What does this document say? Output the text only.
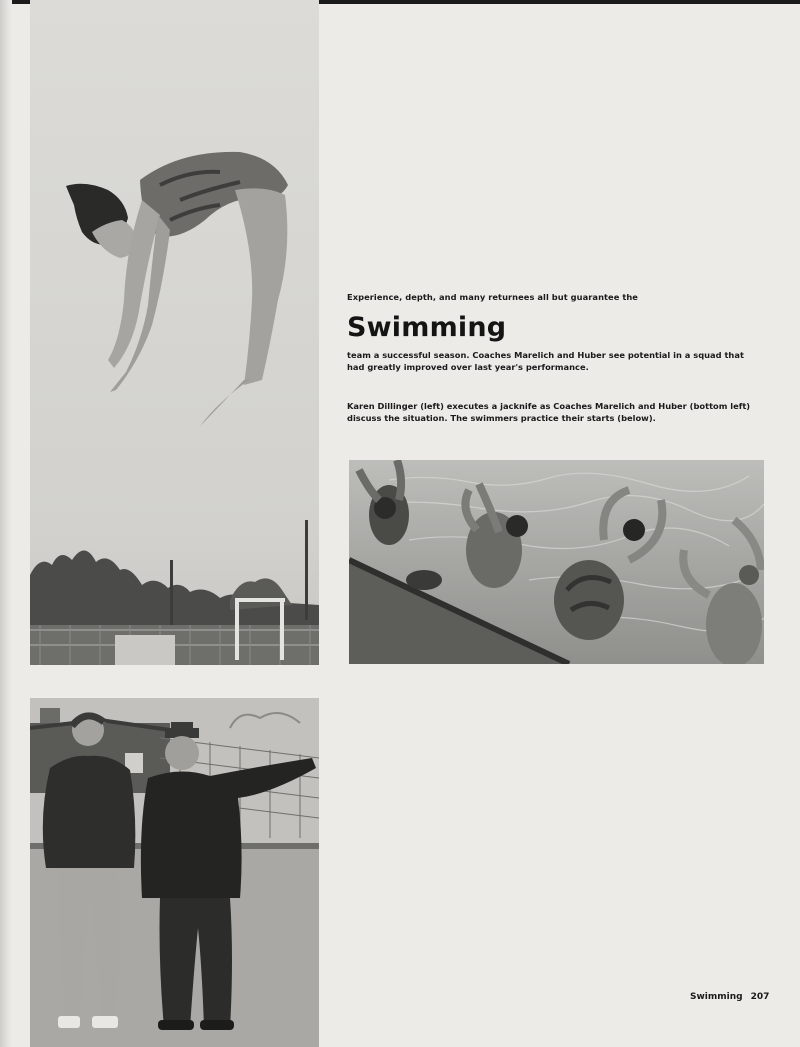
Experience, depth, and many returnees all but guarantee the
Swimming
team a successful season. Coaches Marelich and Huber see potential in a squad that had greatly improved over last year's performance.
Karen Dillinger (left) executes a jacknife as Coaches Marelich and Huber (bottom left) discuss the situation. The swimmers practice their starts (below).
Swimming 207
